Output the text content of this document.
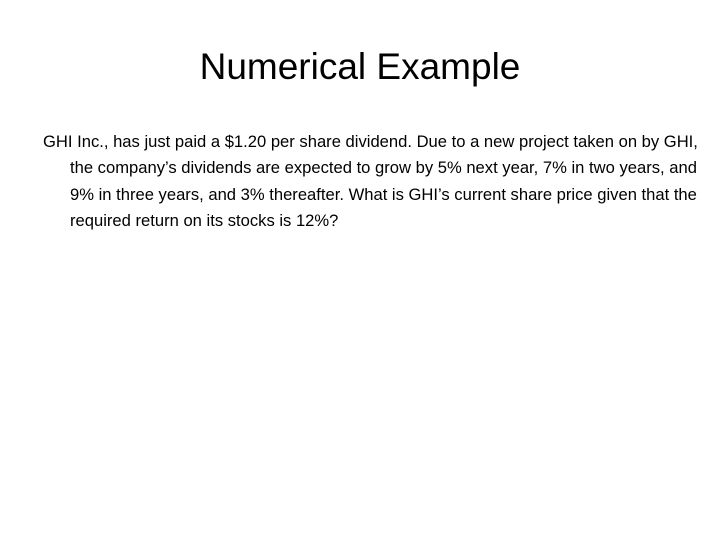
Numerical Example

GHI Inc., has just paid a $1.20 per share dividend. Due to a new project taken on by GHI, the company’s dividends are expected to grow by 5% next year, 7% in two years, and 9% in three years, and 3% thereafter. What is GHI’s current share price given that the required return on its stocks is 12%?
